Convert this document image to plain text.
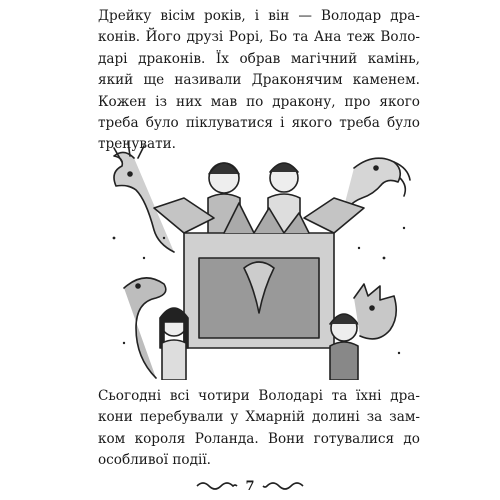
Дрейку вісім років, і він — Володар дра-
конів. Його друзі Рорі, Бо та Ана теж Воло-
дарі драконів. Їх обрав магічний камінь,
який ще називали Драконячим каменем.
Кожен із них мав по дракону, про якого
треба було піклуватися і якого треба було
тренувати.
Сьогодні всі чотири Володарі та їхні дра-
кони перебували у Хмарній долині за зам-
ком короля Роланда. Вони готувалися до
особливої події.
7
